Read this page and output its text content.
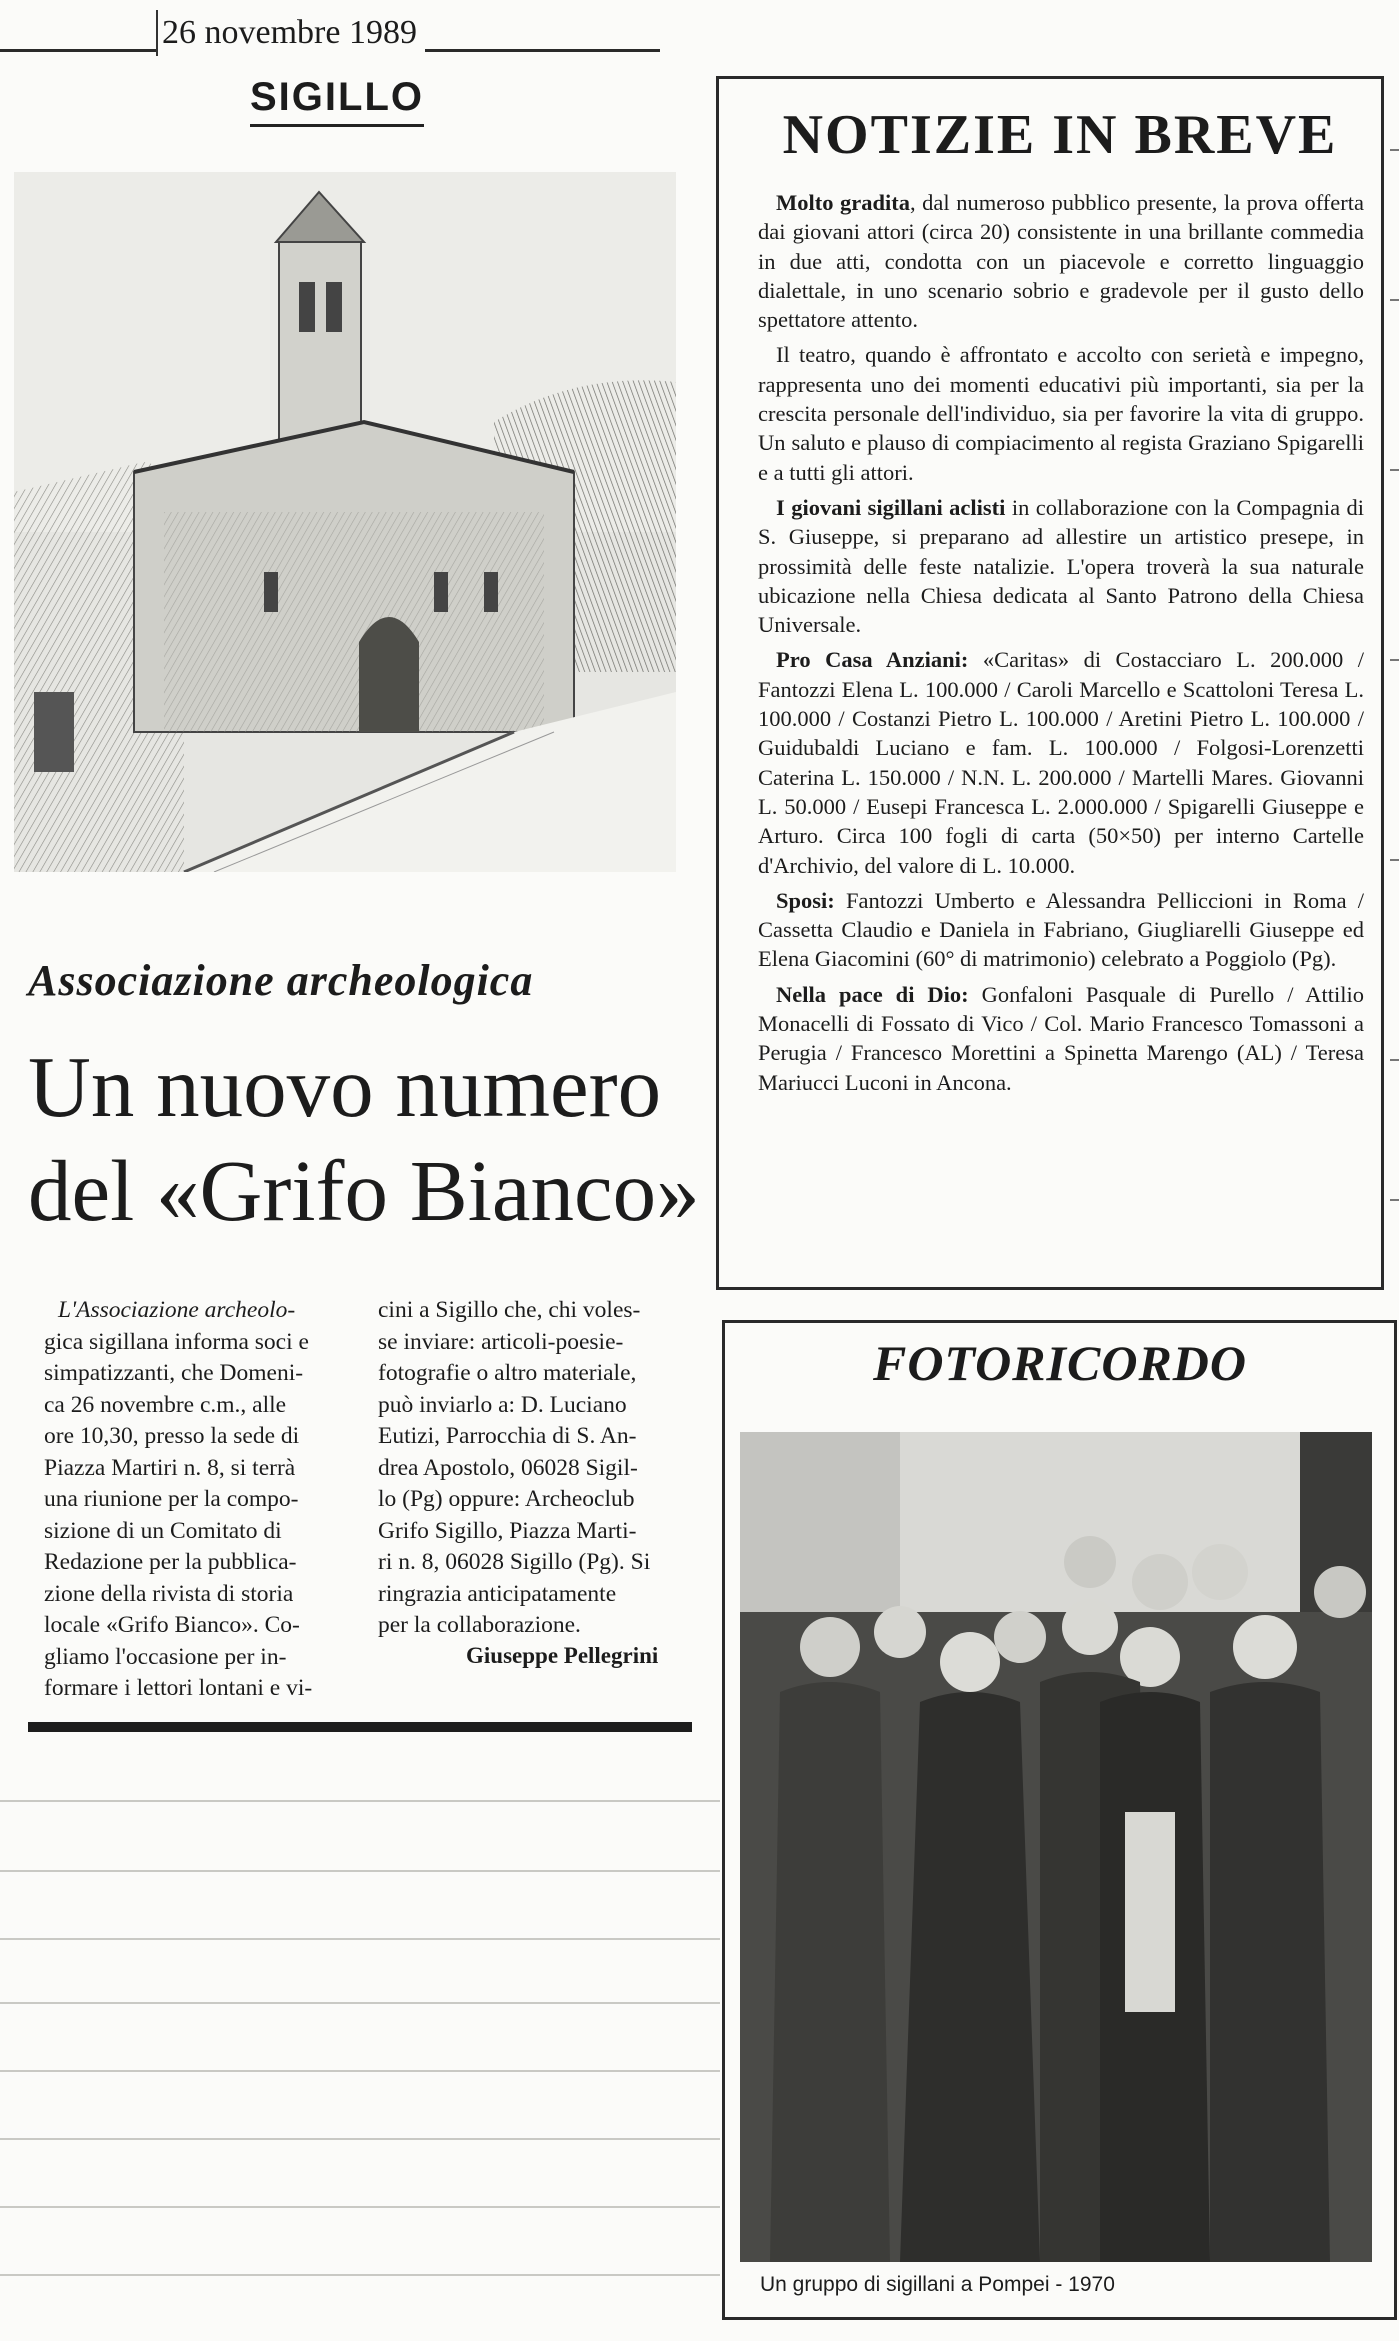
26 novembre 1989
SIGILLO
Associazione archeologica
Un nuovo numero
del «Grifo Bianco»
L'Associazione archeolo-
gica sigillana informa soci e
simpatizzanti, che Domeni-
ca 26 novembre c.m., alle
ore 10,30, presso la sede di
Piazza Martiri n. 8, si terrà
una riunione per la compo-
sizione di un Comitato di
Redazione per la pubblica-
zione della rivista di storia
locale «Grifo Bianco». Co-
gliamo l'occasione per in-
formare i lettori lontani e vi-
cini a Sigillo che, chi voles-
se inviare: articoli-poesie-
fotografie o altro materiale,
può inviarlo a: D. Luciano
Eutizi, Parrocchia di S. An-
drea Apostolo, 06028 Sigil-
lo (Pg) oppure: Archeoclub
Grifo Sigillo, Piazza Marti-
ri n. 8, 06028 Sigillo (Pg). Si
ringrazia anticipatamente
per la collaborazione.
Giuseppe Pellegrini
NOTIZIE IN BREVE

Molto gradita, dal numeroso pubblico presente, la prova offerta dai giovani attori (circa 20) consistente in una brillante commedia in due atti, condotta con un piacevole e corretto linguaggio dialettale, in uno scenario sobrio e gradevole per il gusto dello spettatore attento.

Il teatro, quando è affrontato e accolto con serietà e impegno, rappresenta uno dei momenti educativi più importanti, sia per la crescita personale dell'individuo, sia per favorire la vita di gruppo. Un saluto e plauso di compiacimento al regista Graziano Spigarelli e a tutti gli attori.

I giovani sigillani aclisti in collaborazione con la Compagnia di S. Giuseppe, si preparano ad allestire un artistico presepe, in prossimità delle feste natalizie. L'opera troverà la sua naturale ubicazione nella Chiesa dedicata al Santo Patrono della Chiesa Universale.

Pro Casa Anziani: «Caritas» di Costacciaro L. 200.000 / Fantozzi Elena L. 100.000 / Caroli Marcello e Scattoloni Teresa L. 100.000 / Costanzi Pietro L. 100.000 / Aretini Pietro L. 100.000 / Guidubaldi Luciano e fam. L. 100.000 / Folgosi-Lorenzetti Caterina L. 150.000 / N.N. L. 200.000 / Martelli Mares. Giovanni L. 50.000 / Eusepi Francesca L. 2.000.000 / Spigarelli Giuseppe e Arturo. Circa 100 fogli di carta (50×50) per interno Cartelle d'Archivio, del valore di L. 10.000.

Sposi: Fantozzi Umberto e Alessandra Pelliccioni in Roma / Cassetta Claudio e Daniela in Fabriano, Giugliarelli Giuseppe ed Elena Giacomini (60° di matrimonio) celebrato a Poggiolo (Pg).

Nella pace di Dio: Gonfaloni Pasquale di Purello / Attilio Monacelli di Fossato di Vico / Col. Mario Francesco Tomassoni a Perugia / Francesco Morettini a Spinetta Marengo (AL) / Teresa Mariucci Luconi in Ancona.

FOTORICORDO
Un gruppo di sigillani a Pompei - 1970
